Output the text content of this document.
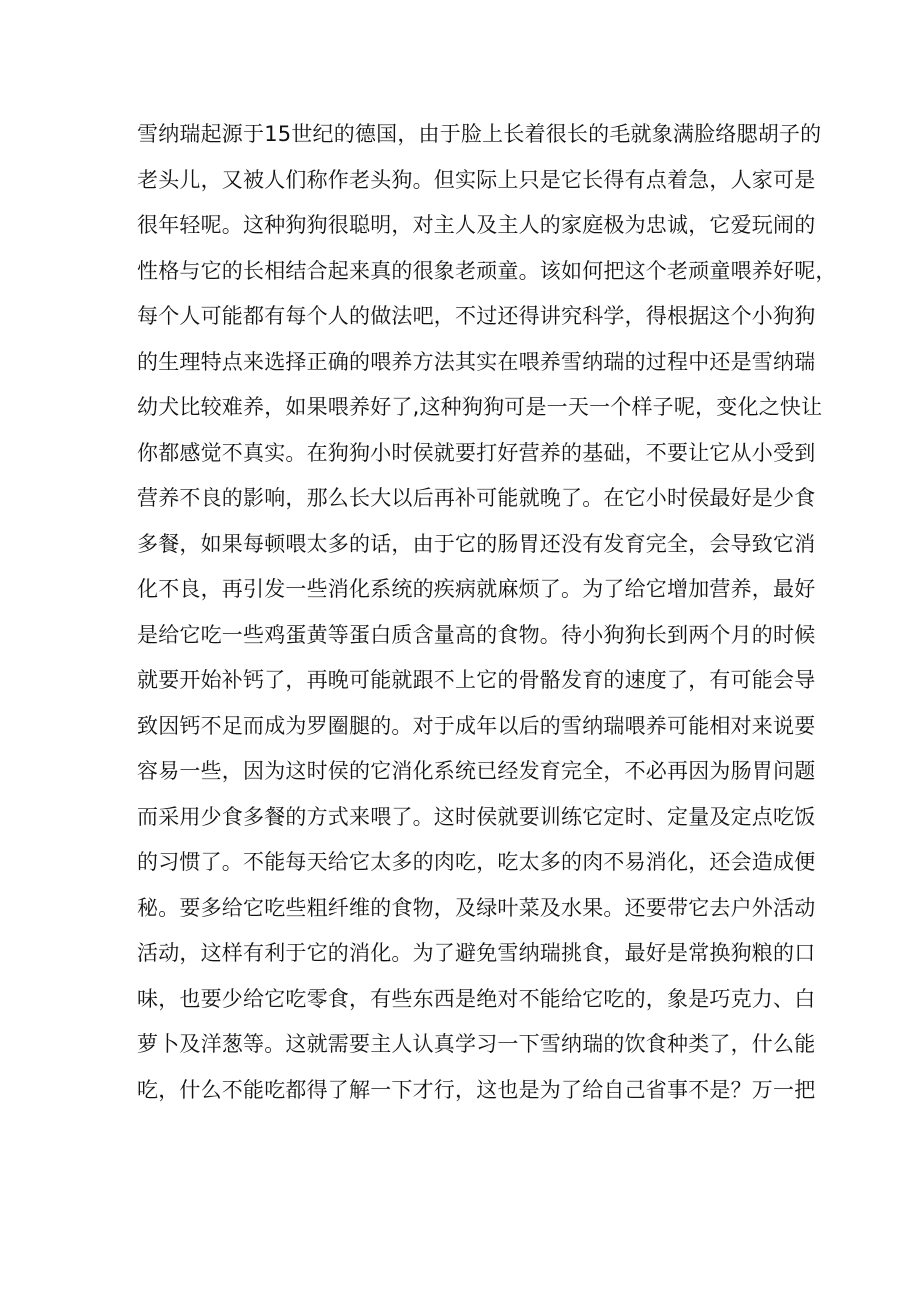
雪纳瑞起源于15世纪的德国，由于脸上长着很长的毛就象满脸络腮胡子的
老头儿，又被人们称作老头狗。但实际上只是它长得有点着急，人家可是
很年轻呢。这种狗狗很聪明，对主人及主人的家庭极为忠诚，它爱玩闹的
性格与它的长相结合起来真的很象老顽童。该如何把这个老顽童喂养好呢，
每个人可能都有每个人的做法吧，不过还得讲究科学，得根据这个小狗狗
的生理特点来选择正确的喂养方法其实在喂养雪纳瑞的过程中还是雪纳瑞
幼犬比较难养，如果喂养好了,这种狗狗可是一天一个样子呢，变化之快让
你都感觉不真实。在狗狗小时侯就要打好营养的基础，不要让它从小受到
营养不良的影响，那么长大以后再补可能就晚了。在它小时侯最好是少食
多餐，如果每顿喂太多的话，由于它的肠胃还没有发育完全，会导致它消
化不良，再引发一些消化系统的疾病就麻烦了。为了给它增加营养，最好
是给它吃一些鸡蛋黄等蛋白质含量高的食物。待小狗狗长到两个月的时候
就要开始补钙了，再晚可能就跟不上它的骨骼发育的速度了，有可能会导
致因钙不足而成为罗圈腿的。对于成年以后的雪纳瑞喂养可能相对来说要
容易一些，因为这时侯的它消化系统已经发育完全，不必再因为肠胃问题
而采用少食多餐的方式来喂了。这时侯就要训练它定时、定量及定点吃饭
的习惯了。不能每天给它太多的肉吃，吃太多的肉不易消化，还会造成便
秘。要多给它吃些粗纤维的食物，及绿叶菜及水果。还要带它去户外活动
活动，这样有利于它的消化。为了避免雪纳瑞挑食，最好是常换狗粮的口
味，也要少给它吃零食，有些东西是绝对不能给它吃的，象是巧克力、白
萝卜及洋葱等。这就需要主人认真学习一下雪纳瑞的饮食种类了，什么能
吃，什么不能吃都得了解一下才行，这也是为了给自己省事不是？万一把
